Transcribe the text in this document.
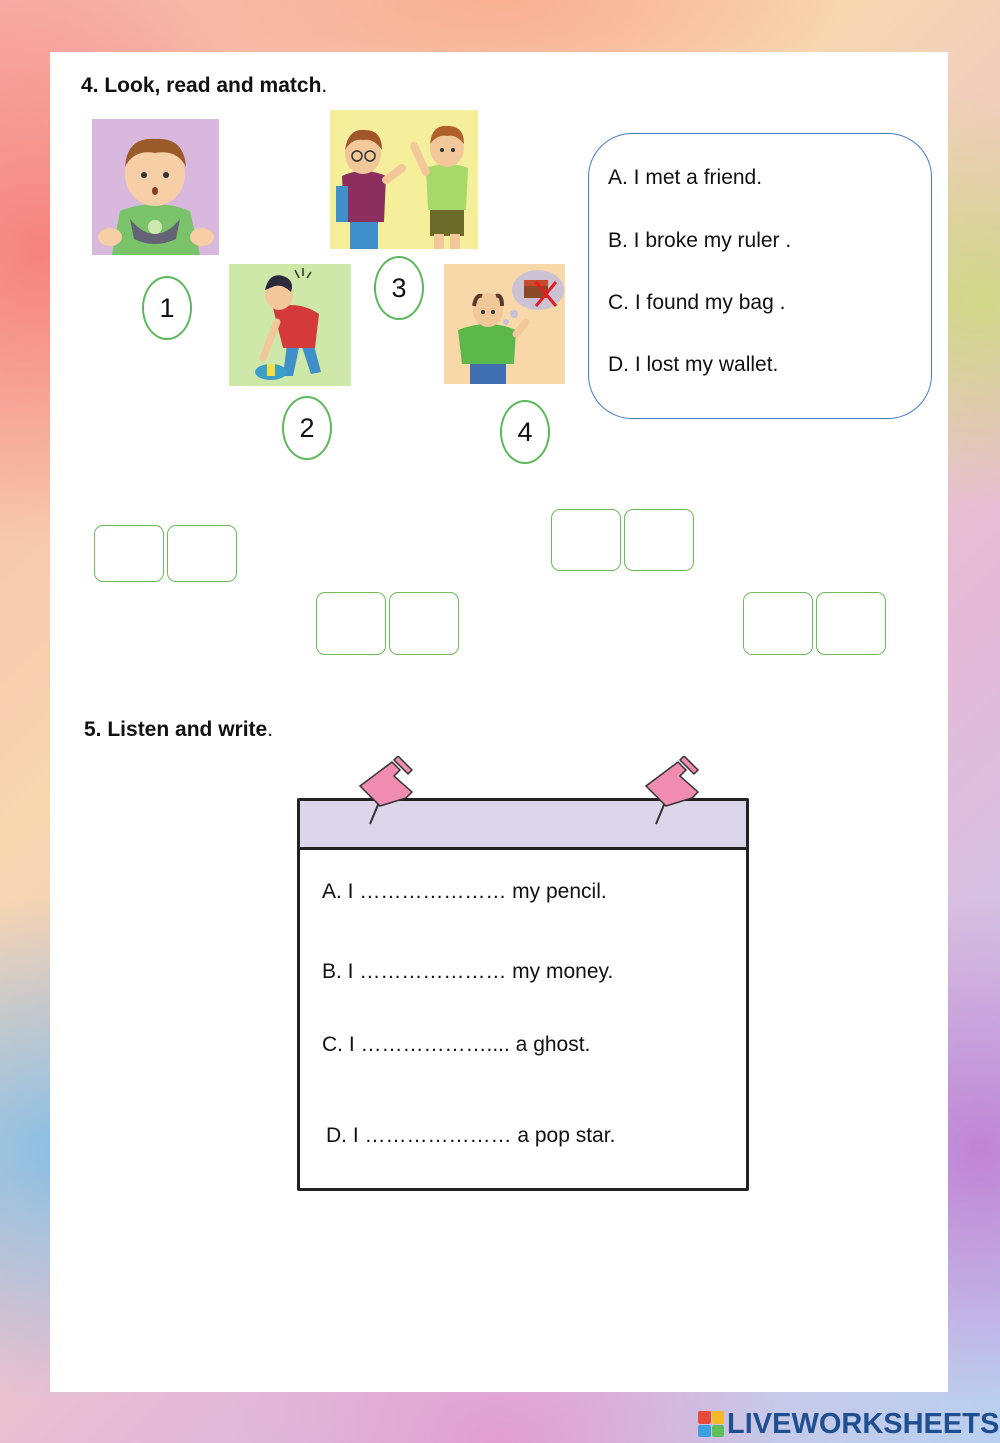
4. Look, read and match.
1
2
3
4
A. I met a friend.
B. I broke my ruler .
C. I found my bag .
D. I lost my wallet.
5. Listen and write.
A. I ………………… my pencil.
B. I ………………… my money.
C. I ……………….... a ghost.
D. I ………………… a pop star.
LIVEWORKSHEETS
